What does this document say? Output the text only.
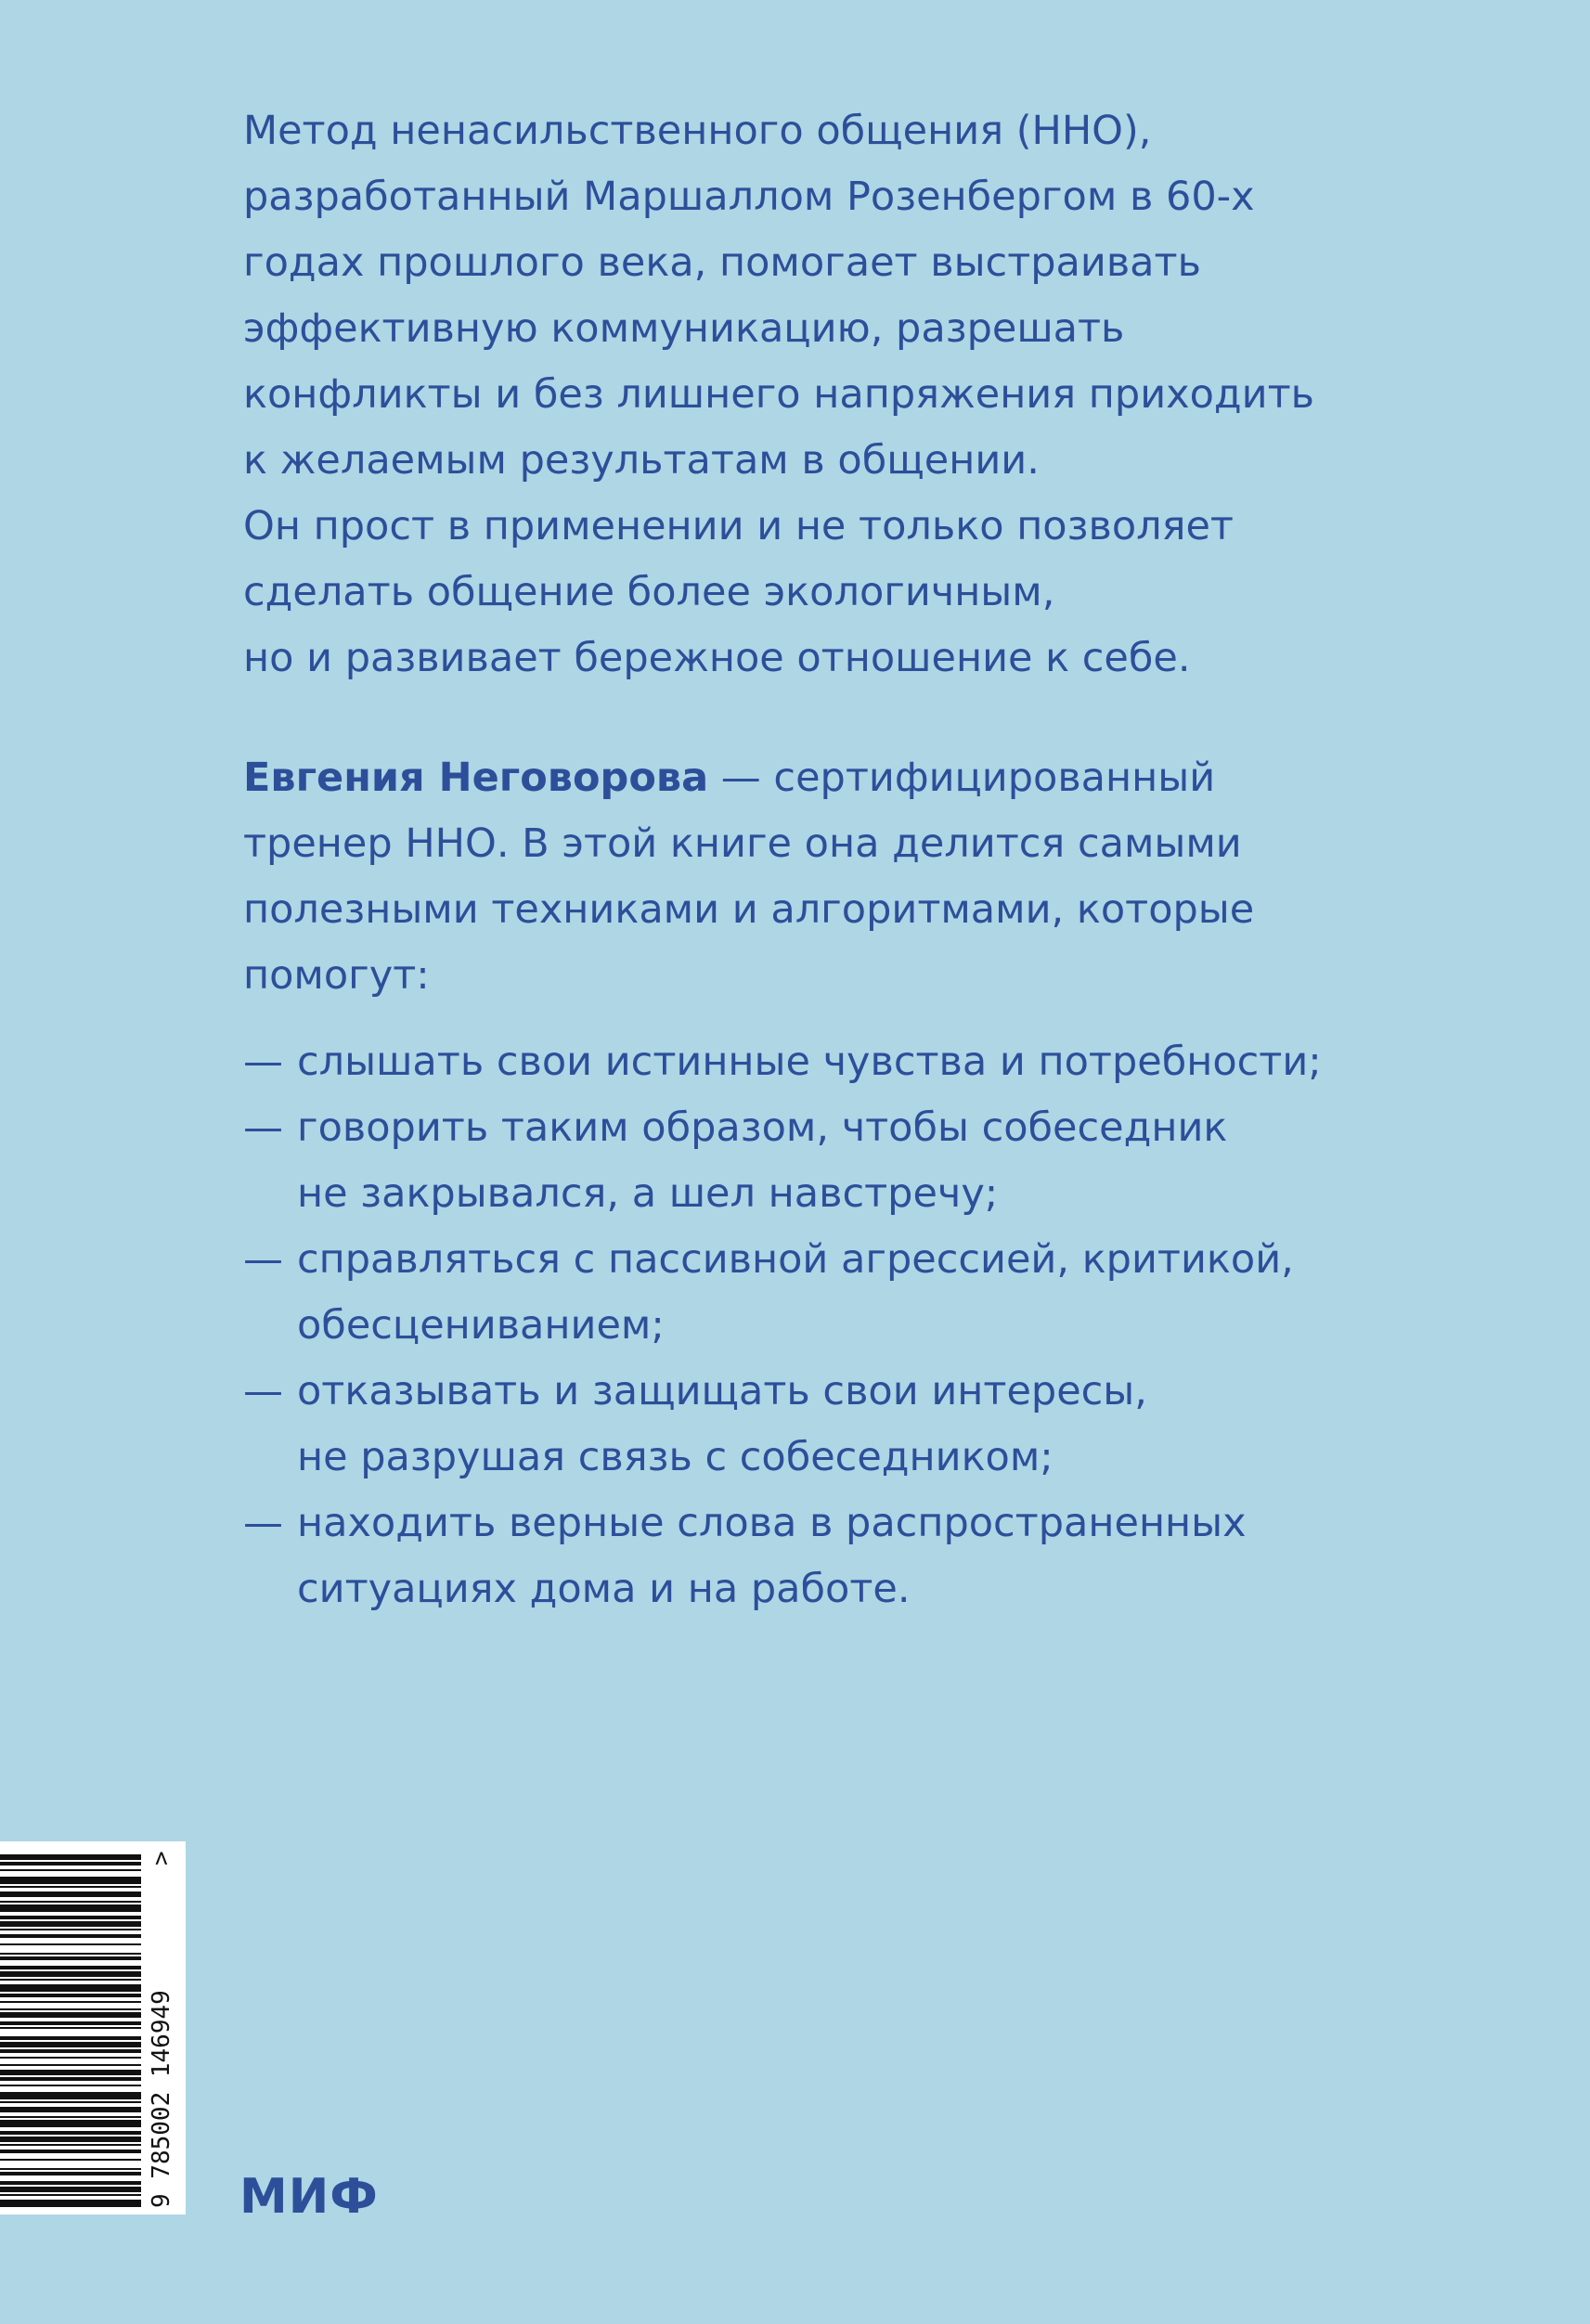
Метод ненасильственного общения (ННО),
разработанный Маршаллом Розенбергом в 60-х
годах прошлого века, помогает выстраивать
эффективную коммуникацию, разрешать
конфликты и без лишнего напряжения приходить
к желаемым результатам в общении.
Он прост в применении и не только позволяет
сделать общение более экологичным,
но и развивает бережное отношение к себе.

Евгения Неговорова — сертифицированный
тренер ННО. В этой книге она делится самыми
полезными техниками и алгоритмами, которые
помогут:

— слышать свои истинные чувства и потребности;
— говорить таким образом, чтобы собеседник
не закрывался, а шел навстречу;
— справляться с пассивной агрессией, критикой,
обесцениванием;
— отказывать и защищать свои интересы,
не разрушая связь с собеседником;
— находить верные слова в распространенных
ситуациях дома и на работе.
9 785002 146949
>
МИФ
